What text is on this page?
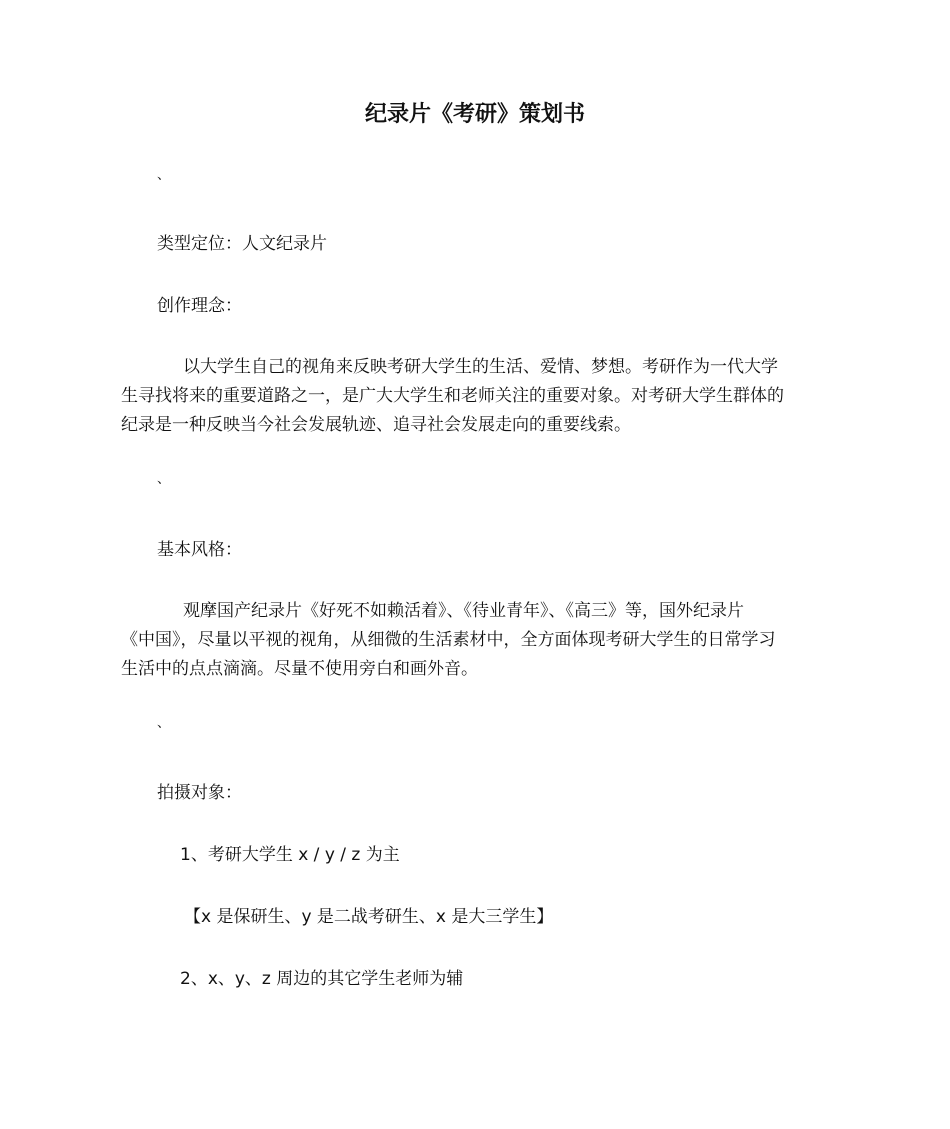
纪录片《考研》策划书
、
类型定位：人文纪录片
创作理念：
以大学生自己的视角来反映考研大学生的生活、爱情、梦想。考研作为一代大学
生寻找将来的重要道路之一，是广大大学生和老师关注的重要对象。对考研大学生群体的
纪录是一种反映当今社会发展轨迹、追寻社会发展走向的重要线索。
、
基本风格：
观摩国产纪录片《好死不如赖活着》、《待业青年》、《高三》等，国外纪录片
《中国》，尽量以平视的视角，从细微的生活素材中，全方面体现考研大学生的日常学习
生活中的点点滴滴。尽量不使用旁白和画外音。
、
拍摄对象：
1、考研大学生 x / y / z 为主
【x 是保研生、y 是二战考研生、x 是大三学生】
2、x、y、z 周边的其它学生老师为辅
